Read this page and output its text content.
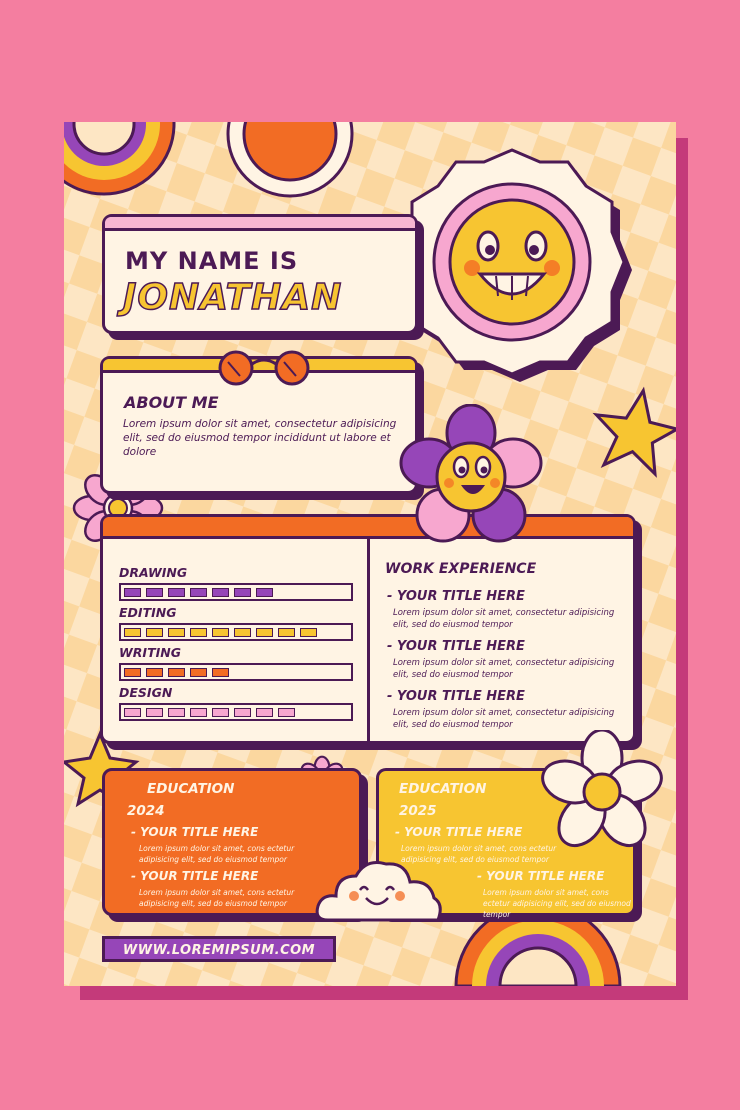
MY NAME IS
JONATHAN
ABOUT ME
Lorem ipsum dolor sit amet, consectetur adipisicing elit, sed do eiusmod tempor incididunt ut labore et dolore
DRAWING
EDITING
WRITING
DESIGN
WORK EXPERIENCE
- YOUR TITLE HERE
Lorem ipsum dolor sit amet, consectetur adipisicing elit, sed do eiusmod tempor
- YOUR TITLE HERE
Lorem ipsum dolor sit amet, consectetur adipisicing elit, sed do eiusmod tempor
- YOUR TITLE HERE
Lorem ipsum dolor sit amet, consectetur adipisicing elit, sed do eiusmod tempor
EDUCATION
2024
- YOUR TITLE HERE
Lorem ipsum dolor sit amet, cons ectetur adipisicing elit, sed do eiusmod tempor
- YOUR TITLE HERE
Lorem ipsum dolor sit amet, cons ectetur adipisicing elit, sed do eiusmod tempor
EDUCATION
2025
- YOUR TITLE HERE
Lorem ipsum dolor sit amet, cons ectetur adipisicing elit, sed do eiusmod tempor
- YOUR TITLE HERE
Lorem ipsum dolor sit amet, cons ectetur adipisicing elit, sed do eiusmod tempor
WWW.LOREMIPSUM.COM
